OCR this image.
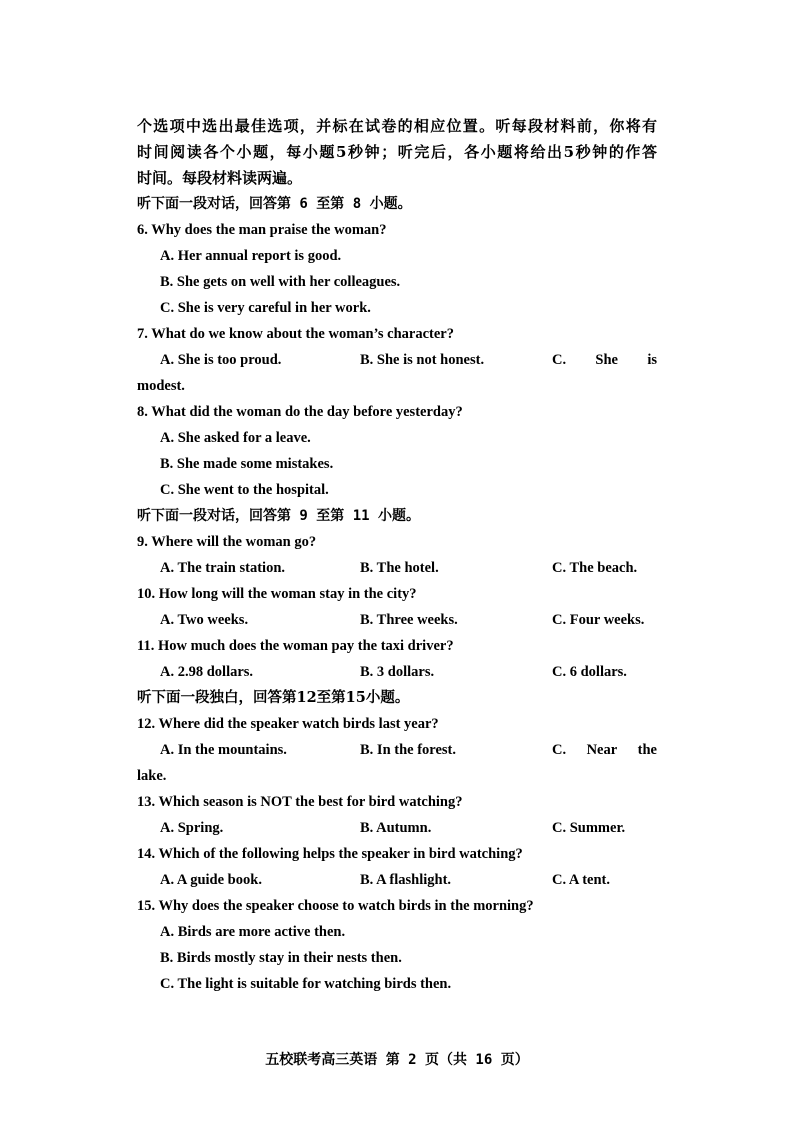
个选项中选出最佳选项，并标在试卷的相应位置。听每段材料前，你将有
时间阅读各个小题，每小题5秒钟；听完后，各小题将给出5秒钟的作答
时间。每段材料读两遍。
听下面一段对话，回答第 6 至第 8 小题。
6. Why does the man praise the woman?
A. Her annual report is good.
B. She gets on well with her colleagues.
C. She is very careful in her work.
7. What do we know about the woman’s character?
A. She is too proud.	B. She is not honest.	C. She is
modest.
8. What did the woman do the day before yesterday?
A. She asked for a leave.
B. She made some mistakes.
C. She went to the hospital.
听下面一段对话，回答第 9 至第 11 小题。
9. Where will the woman go?
A. The train station.	B. The hotel.	C. The beach.
10. How long will the woman stay in the city?
A. Two weeks.	B. Three weeks.	C. Four weeks.
11. How much does the woman pay the taxi driver?
A. 2.98 dollars.	B. 3 dollars.	C. 6 dollars.
听下面一段独白，回答第12至第15小题。
12. Where did the speaker watch birds last year?
A. In the mountains.	B. In the forest.	C. Near the
lake.
13. Which season is NOT the best for bird watching?
A. Spring.	B. Autumn.	C. Summer.
14. Which of the following helps the speaker in bird watching?
A. A guide book.	B. A flashlight.	C. A tent.
15. Why does the speaker choose to watch birds in the morning?
A. Birds are more active then.
B. Birds mostly stay in their nests then.
C. The light is suitable for watching birds then.
五校联考高三英语 第 2 页（共 16 页）
